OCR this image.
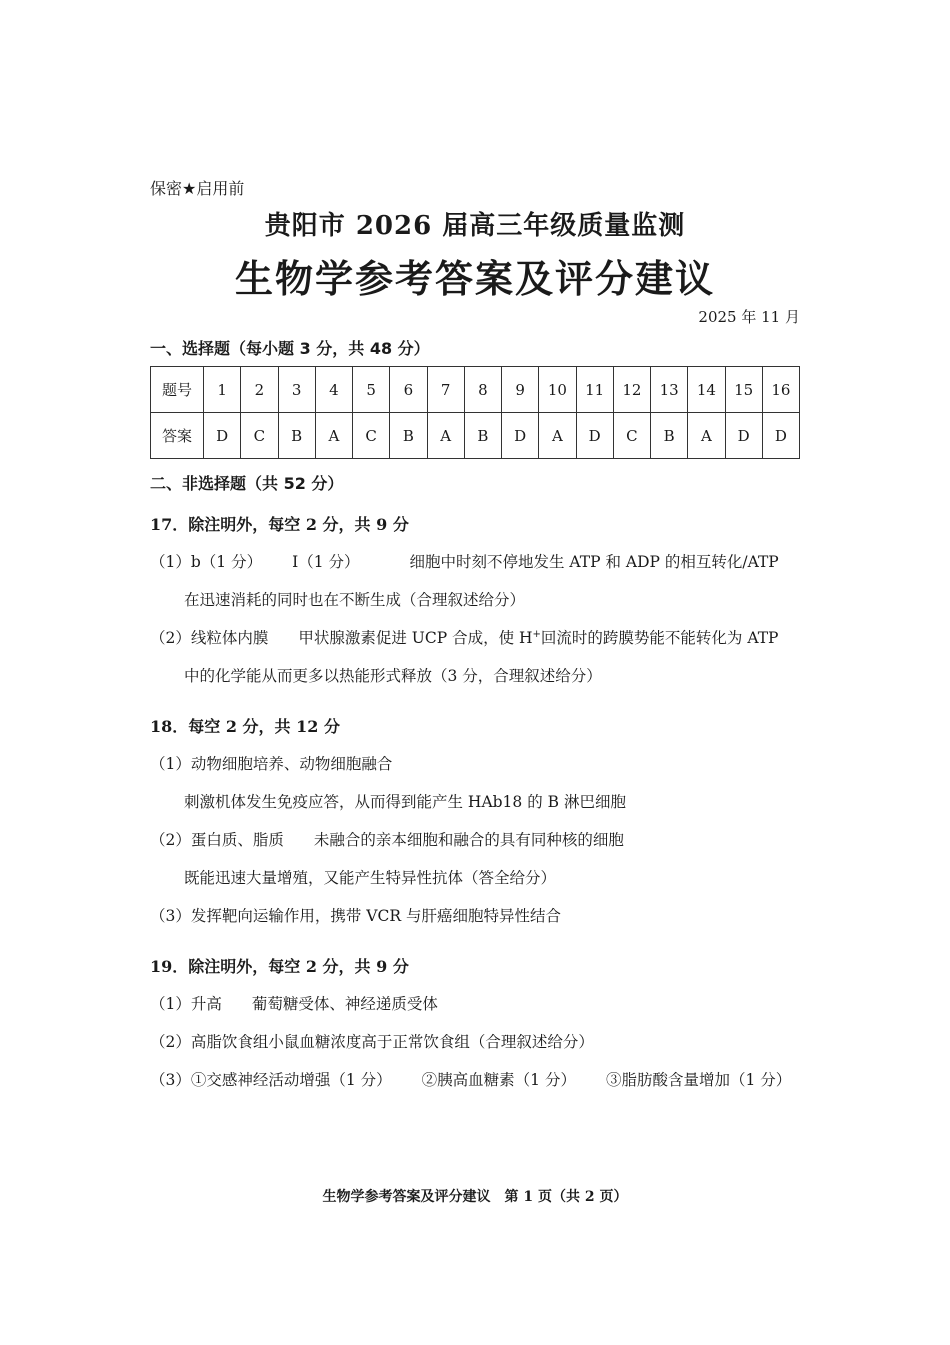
保密★启用前
贵阳市 2026 届高三年级质量监测
生物学参考答案及评分建议
2025 年 11 月
一、选择题（每小题 3 分，共 48 分）
题号	1	2	3	4	5	6	7	8	9	10	11	12	13	14	15	16
答案	D	C	B	A	C	B	A	B	D	A	D	C	B	A	D	D
二、非选择题（共 52 分）
17．除注明外，每空 2 分，共 9 分
（1）b（1 分） Ⅰ（1 分）	细胞中时刻不停地发生 ATP 和 ADP 的相互转化/ATP
在迅速消耗的同时也在不断生成（合理叙述给分）
（2）线粒体内膜 甲状腺激素促进 UCP 合成，使 H+回流时的跨膜势能不能转化为 ATP
中的化学能从而更多以热能形式释放（3 分，合理叙述给分）
18．每空 2 分，共 12 分
（1）动物细胞培养、动物细胞融合
刺激机体发生免疫应答，从而得到能产生 HAb18 的 B 淋巴细胞
（2）蛋白质、脂质 未融合的亲本细胞和融合的具有同种核的细胞
既能迅速大量增殖，又能产生特异性抗体（答全给分）
（3）发挥靶向运输作用，携带 VCR 与肝癌细胞特异性结合
19．除注明外，每空 2 分，共 9 分
（1）升高 葡萄糖受体、神经递质受体
（2）高脂饮食组小鼠血糖浓度高于正常饮食组（合理叙述给分）
（3）①交感神经活动增强（1 分） ②胰高血糖素（1 分） ③脂肪酸含量增加（1 分）
生物学参考答案及评分建议　第 1 页（共 2 页）
